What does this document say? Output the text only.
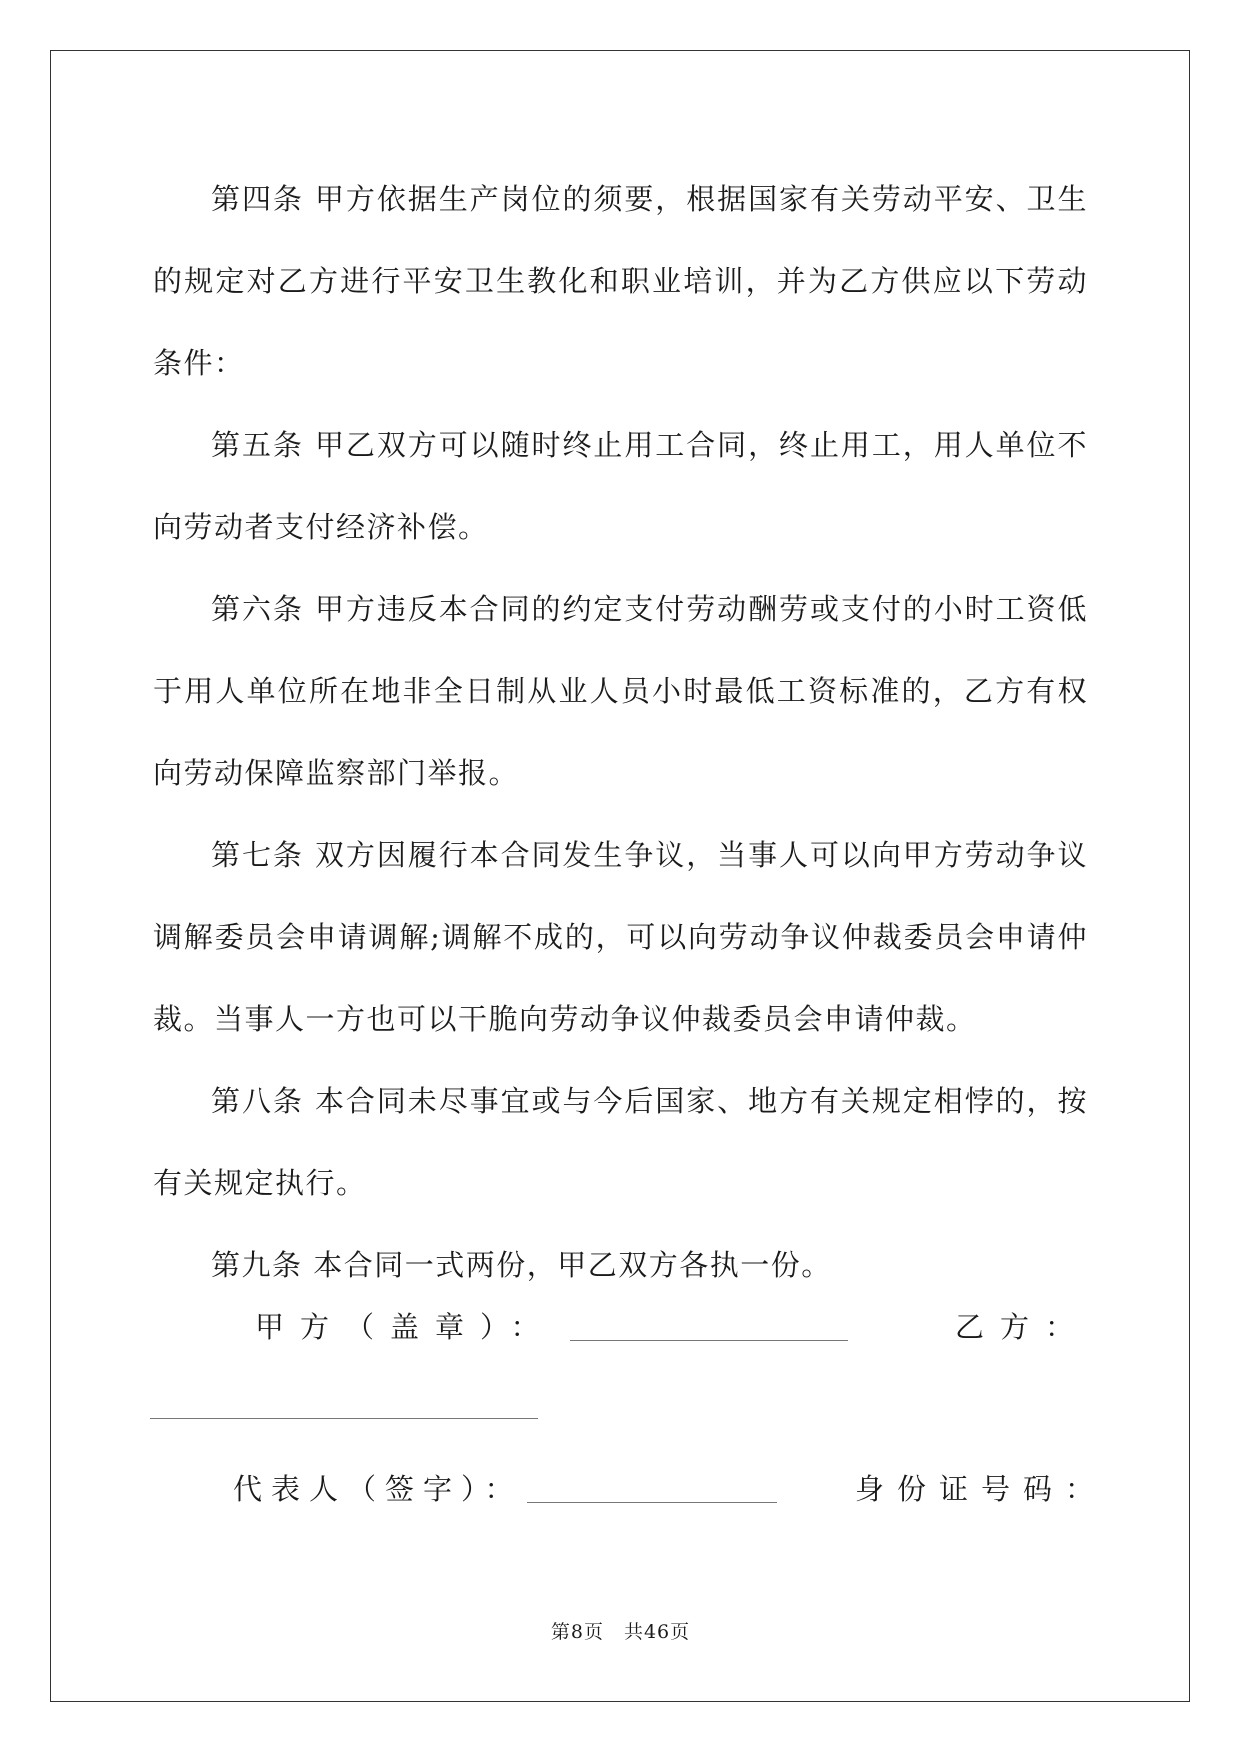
第四条 甲方依据生产岗位的须要，根据国家有关劳动平安、卫生的规定对乙方进行平安卫生教化和职业培训，并为乙方供应以下劳动条件：

第五条 甲乙双方可以随时终止用工合同，终止用工，用人单位不向劳动者支付经济补偿。

第六条 甲方违反本合同的约定支付劳动酬劳或支付的小时工资低于用人单位所在地非全日制从业人员小时最低工资标准的，乙方有权向劳动保障监察部门举报。

第七条 双方因履行本合同发生争议，当事人可以向甲方劳动争议调解委员会申请调解;调解不成的，可以向劳动争议仲裁委员会申请仲裁。当事人一方也可以干脆向劳动争议仲裁委员会申请仲裁。

第八条 本合同未尽事宜或与今后国家、地方有关规定相悖的，按有关规定执行。

第九条 本合同一式两份，甲乙双方各执一份。

甲方（盖章）：	乙方：
代表人（签字）：	身份证号码：
第8页　共46页
